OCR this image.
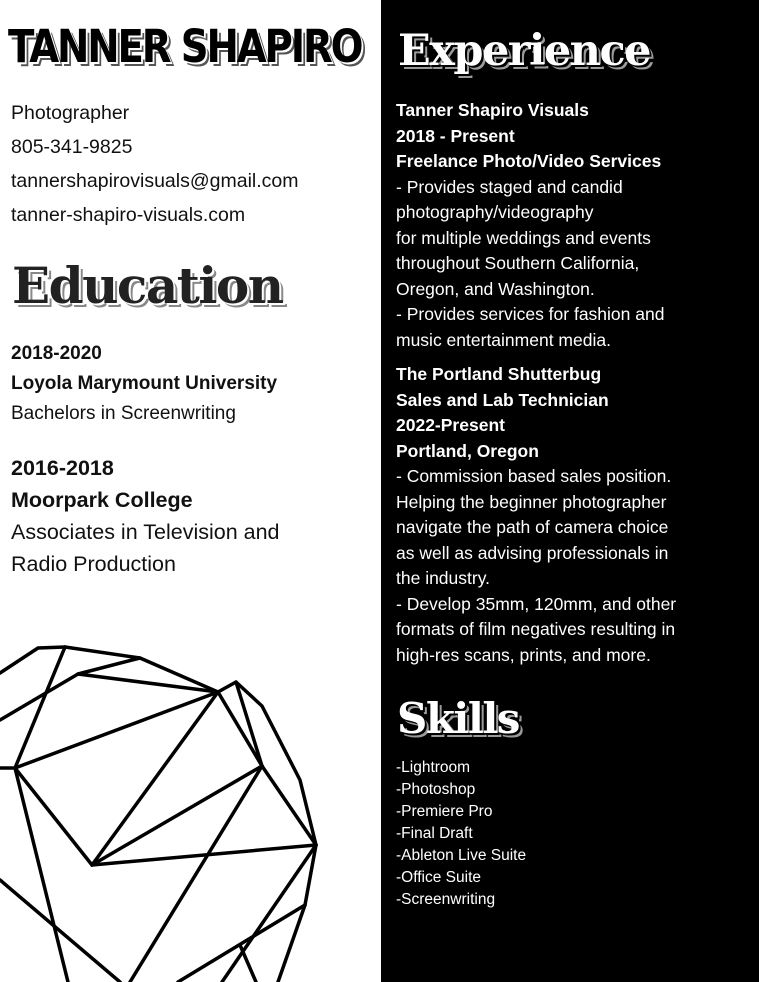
TANNER SHAPIRO
Photographer
805-341-9825
tannershapirovisuals@gmail.com
tanner-shapiro-visuals.com
Education
2018-2020
Loyola Marymount University
Bachelors in Screenwriting
2016-2018
Moorpark College
Associates in Television and
Radio Production
Experience
Tanner Shapiro Visuals
2018 - Present
Freelance Photo/Video Services
- Provides staged and candid
photography/videography
for multiple weddings and events
throughout Southern California,
Oregon, and Washington.
- Provides services for fashion and
music entertainment media.
The Portland Shutterbug
Sales and Lab Technician
2022-Present
Portland, Oregon
- Commission based sales position.
Helping the beginner photographer
navigate the path of camera choice
as well as advising professionals in
the industry.
- Develop 35mm, 120mm, and other
formats of film negatives resulting in
high-res scans, prints, and more.
Skills
-Lightroom
-Photoshop
-Premiere Pro
-Final Draft
-Ableton Live Suite
-Office Suite
-Screenwriting
